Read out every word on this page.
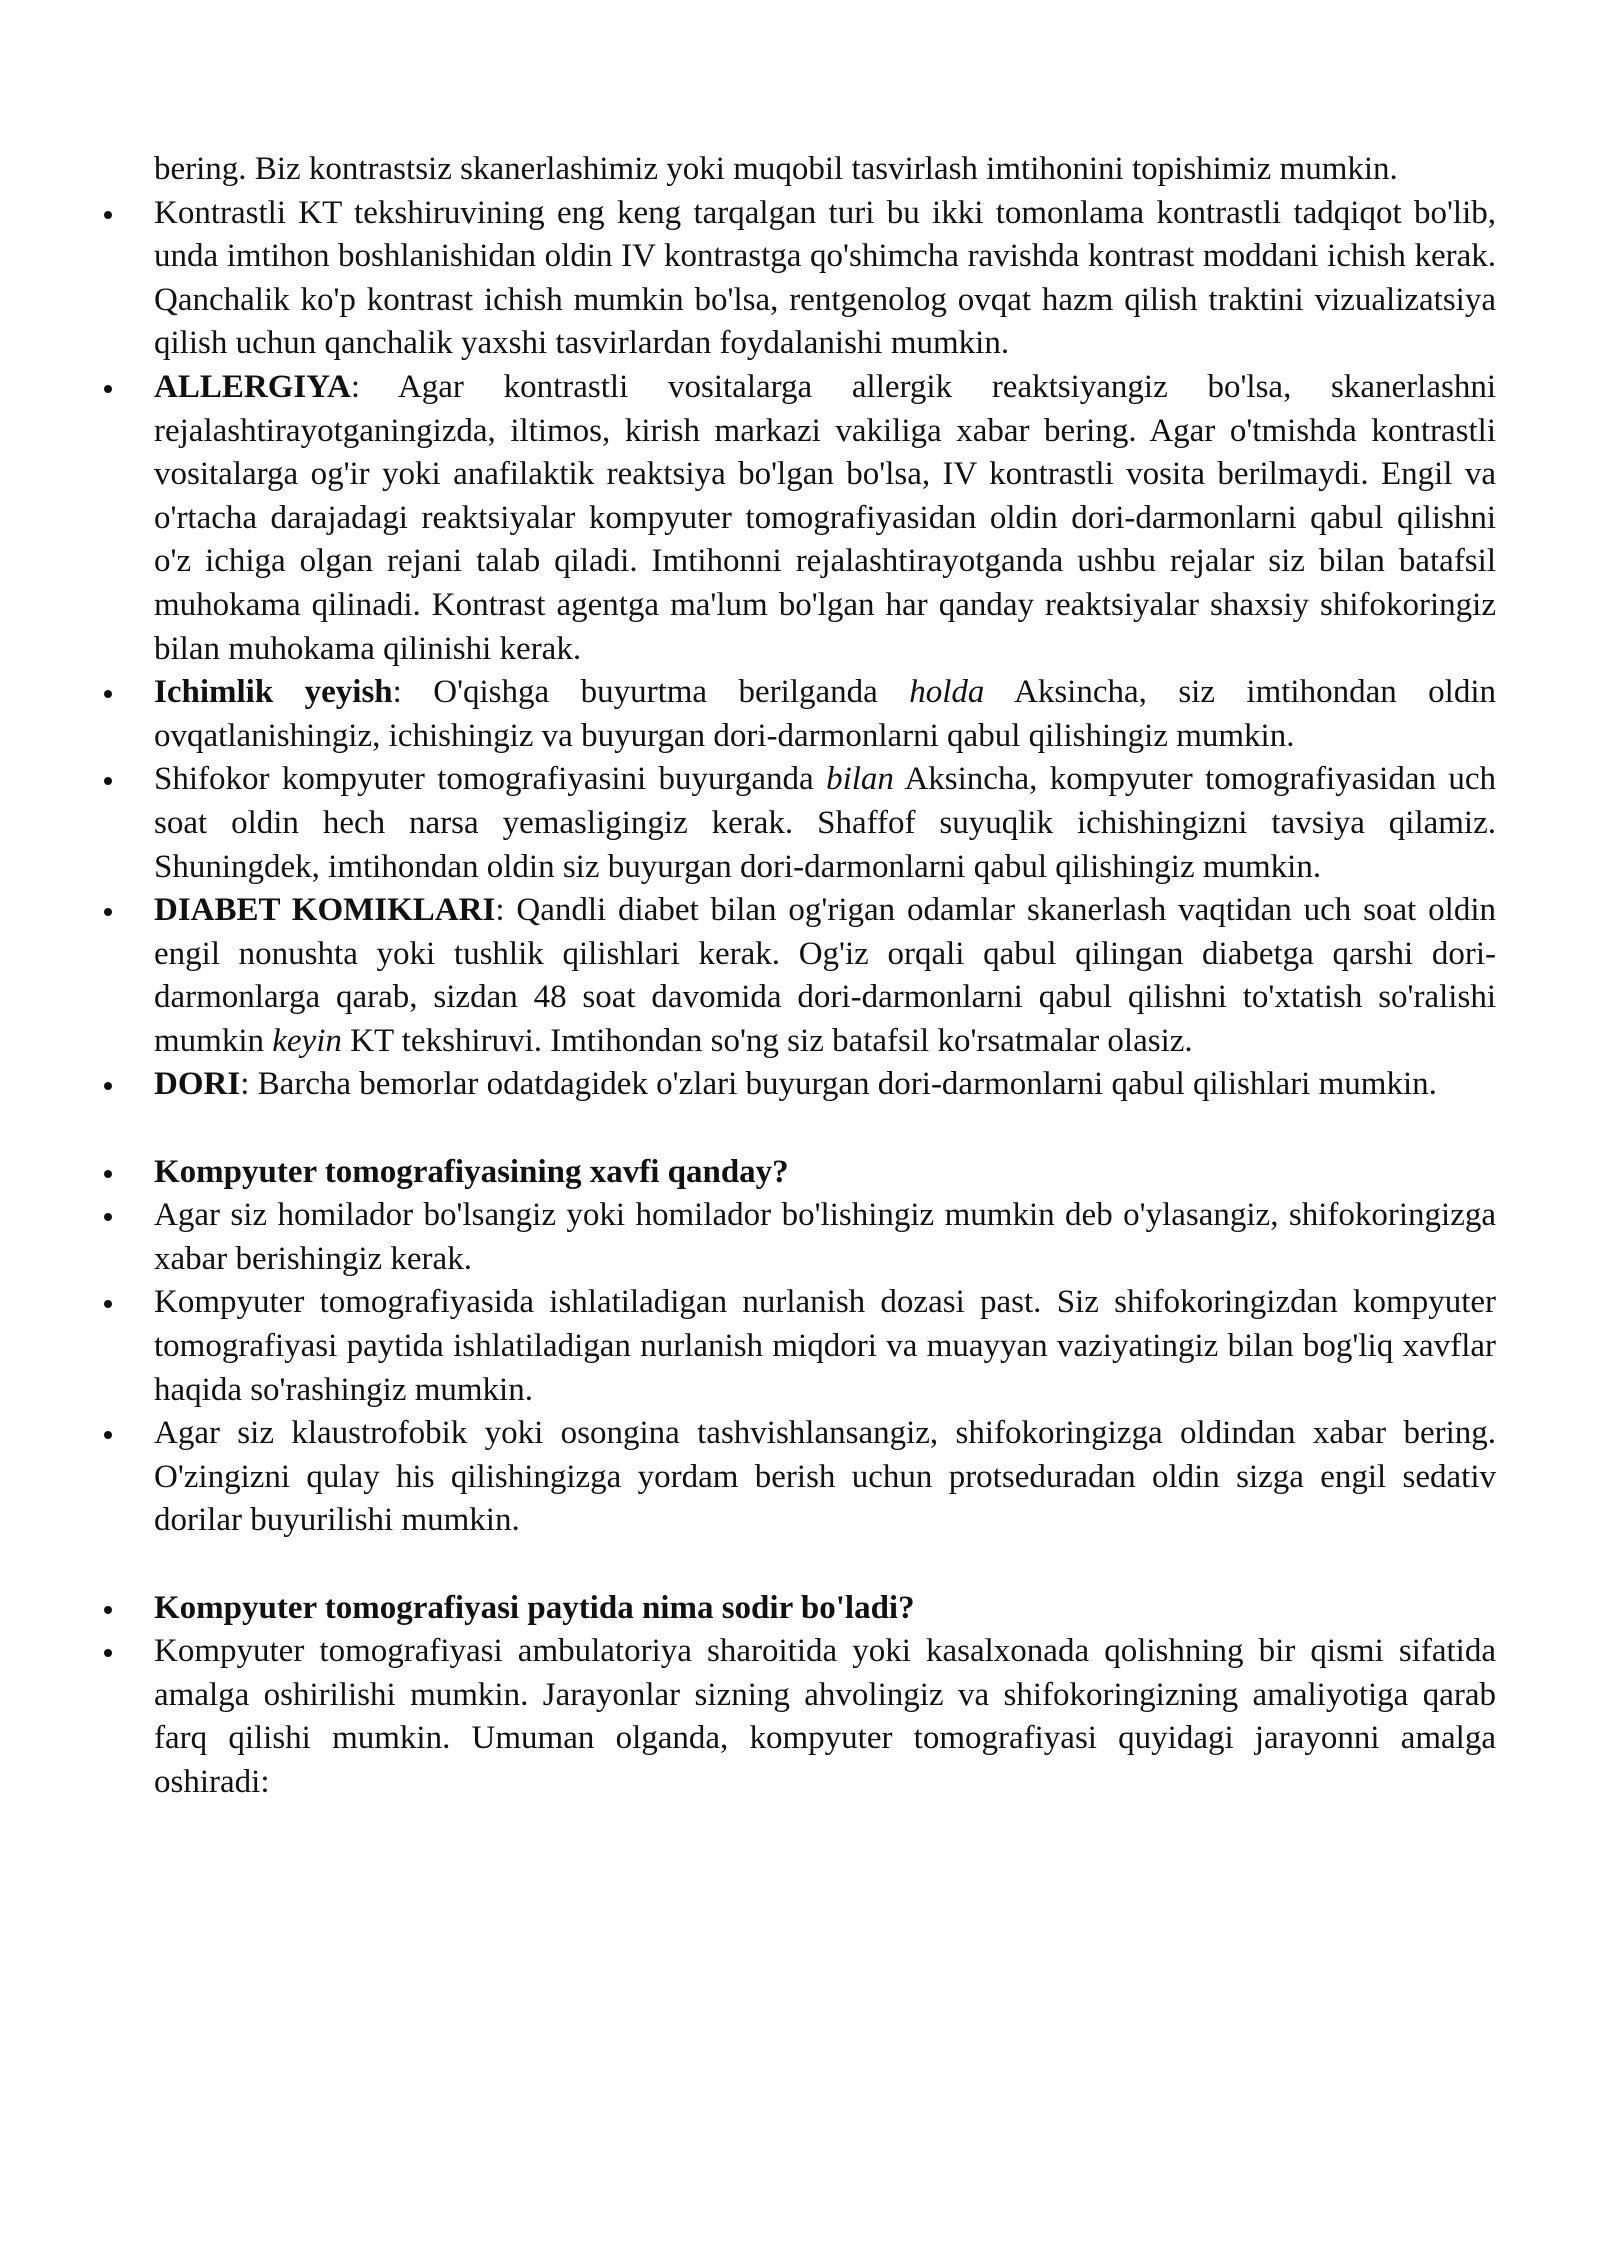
bering. Biz kontrastsiz skanerlashimiz yoki muqobil tasvirlash imtihonini topishimiz mumkin.

Kontrastli KT tekshiruvining eng keng tarqalgan turi bu ikki tomonlama kontrastli tadqiqot bo'lib, unda imtihon boshlanishidan oldin IV kontrastga qo'shimcha ravishda kontrast moddani ichish kerak. Qanchalik ko'p kontrast ichish mumkin bo'lsa, rentgenolog ovqat hazm qilish traktini vizualizatsiya qilish uchun qanchalik yaxshi tasvirlardan foydalanishi mumkin.
ALLERGIYA: Agar kontrastli vositalarga allergik reaktsiyangiz bo'lsa, skanerlashni rejalashtirayotganingizda, iltimos, kirish markazi vakiliga xabar bering. Agar o'tmishda kontrastli vositalarga og'ir yoki anafilaktik reaktsiya bo'lgan bo'lsa, IV kontrastli vosita berilmaydi. Engil va o'rtacha darajadagi reaktsiyalar kompyuter tomografiyasidan oldin dori-darmonlarni qabul qilishni o'z ichiga olgan rejani talab qiladi. Imtihonni rejalashtirayotganda ushbu rejalar siz bilan batafsil muhokama qilinadi. Kontrast agentga ma'lum bo'lgan har qanday reaktsiyalar shaxsiy shifokoringiz bilan muhokama qilinishi kerak.
Ichimlik yeyish: O'qishga buyurtma berilganda holda Aksincha, siz imtihondan oldin ovqatlanishingiz, ichishingiz va buyurgan dori-darmonlarni qabul qilishingiz mumkin.
Shifokor kompyuter tomografiyasini buyurganda bilan Aksincha, kompyuter tomografiyasidan uch soat oldin hech narsa yemasligingiz kerak. Shaffof suyuqlik ichishingizni tavsiya qilamiz. Shuningdek, imtihondan oldin siz buyurgan dori-darmonlarni qabul qilishingiz mumkin.
DIABET KOMIKLARI: Qandli diabet bilan og'rigan odamlar skanerlash vaqtidan uch soat oldin engil nonushta yoki tushlik qilishlari kerak. Og'iz orqali qabul qilingan diabetga qarshi dori-darmonlarga qarab, sizdan 48 soat davomida dori-darmonlarni qabul qilishni to'xtatish so'ralishi mumkin keyin KT tekshiruvi. Imtihondan so'ng siz batafsil ko'rsatmalar olasiz.
DORI: Barcha bemorlar odatdagidek o'zlari buyurgan dori-darmonlarni qabul qilishlari mumkin.
Kompyuter tomografiyasining xavfi qanday?
Agar siz homilador bo'lsangiz yoki homilador bo'lishingiz mumkin deb o'ylasangiz, shifokoringizga xabar berishingiz kerak.
Kompyuter tomografiyasida ishlatiladigan nurlanish dozasi past. Siz shifokoringizdan kompyuter tomografiyasi paytida ishlatiladigan nurlanish miqdori va muayyan vaziyatingiz bilan bog'liq xavflar haqida so'rashingiz mumkin.
Agar siz klaustrofobik yoki osongina tashvishlansangiz, shifokoringizga oldindan xabar bering. O'zingizni qulay his qilishingizga yordam berish uchun protseduradan oldin sizga engil sedativ dorilar buyurilishi mumkin.
Kompyuter tomografiyasi paytida nima sodir bo'ladi?
Kompyuter tomografiyasi ambulatoriya sharoitida yoki kasalxonada qolishning bir qismi sifatida amalga oshirilishi mumkin. Jarayonlar sizning ahvolingiz va shifokoringizning amaliyotiga qarab farq qilishi mumkin. Umuman olganda, kompyuter tomografiyasi quyidagi jarayonni amalga oshiradi:
